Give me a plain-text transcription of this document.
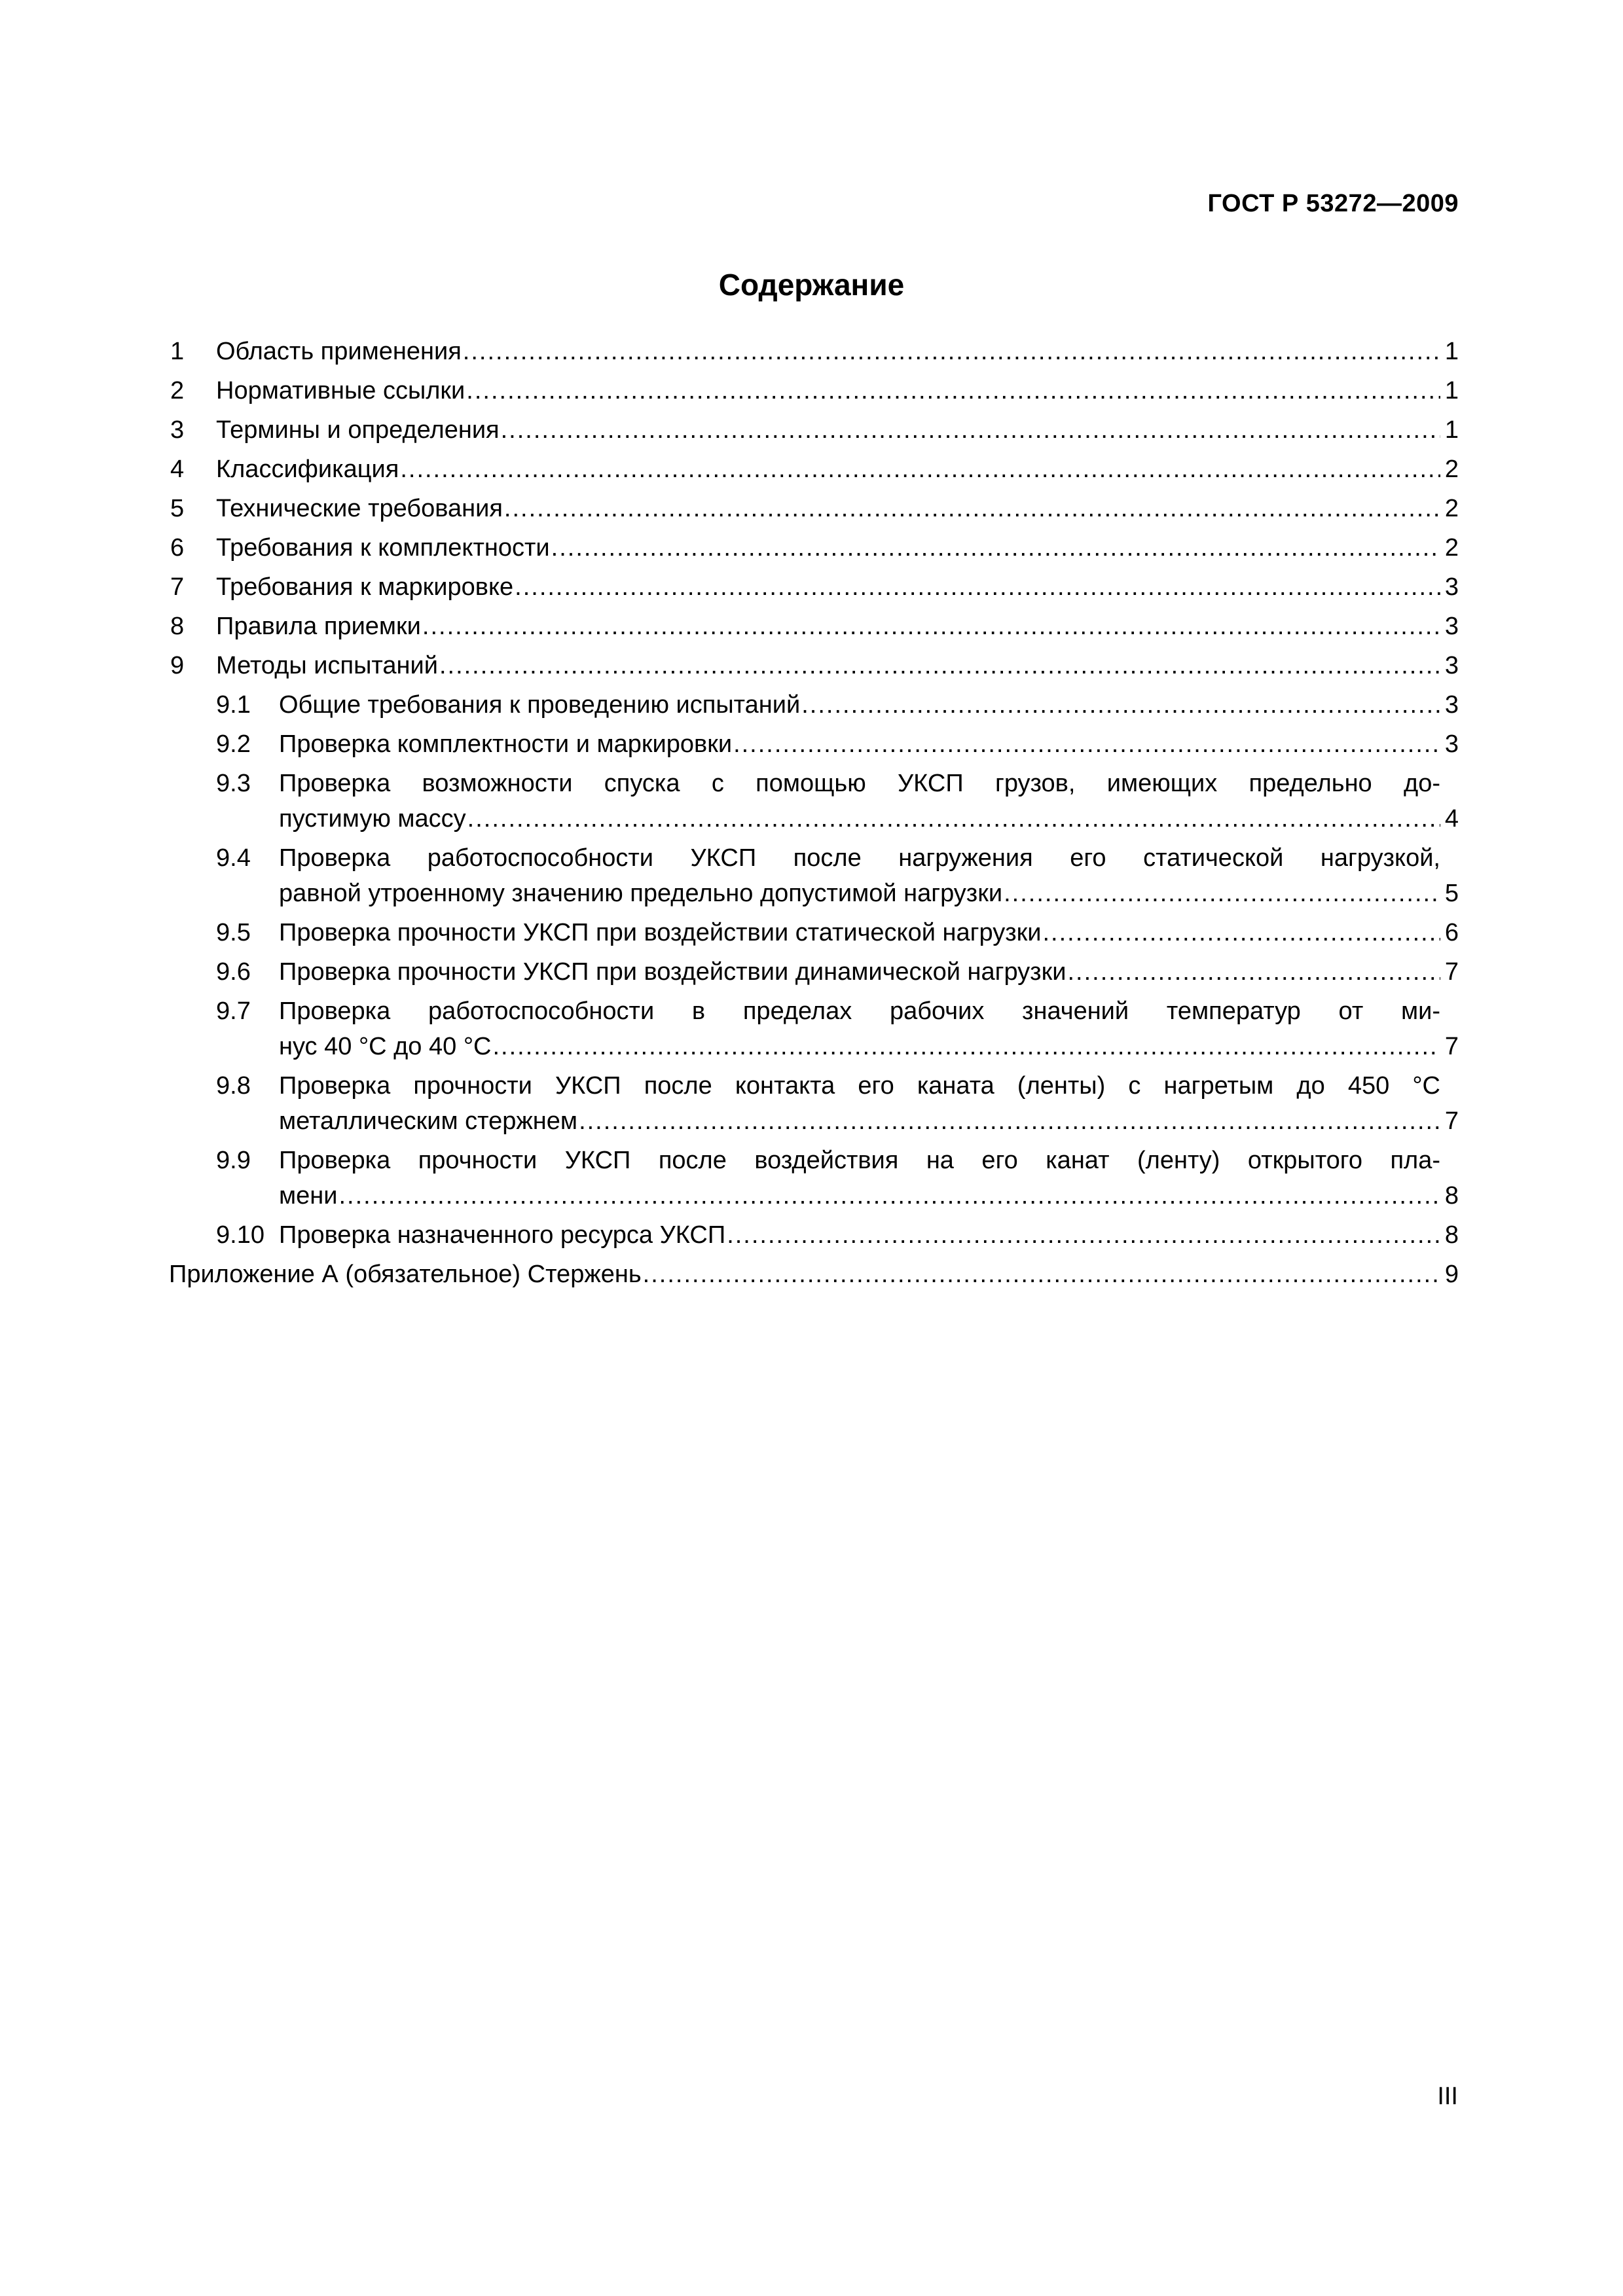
ГОСТ Р 53272—2009
Содержание
1 Область применения .....	1
2 Нормативные ссылки .....	1
3 Термины и определения .....	1
4 Классификация .....	2
5 Технические требования .....	2
6 Требования к комплектности .....	2
7 Требования к маркировке .....	3
8 Правила приемки .....	3
9 Методы испытаний .....	3
9.1 Общие требования к проведению испытаний .....	3
9.2 Проверка комплектности и маркировки .....	3
9.3 Проверка возможности спуска с помощью УКСП грузов, имеющих предельно до-
пустимую массу .....	4
9.4 Проверка работоспособности УКСП после нагружения его статической нагрузкой,
равной утроенному значению предельно допустимой нагрузки .....	5
9.5 Проверка прочности УКСП при воздействии статической нагрузки .....	6
9.6 Проверка прочности УКСП при воздействии динамической нагрузки .....	7
9.7 Проверка работоспособности в пределах рабочих значений температур от ми-
нус 40 °С до 40 °С .....	7
9.8 Проверка прочности УКСП после контакта его каната (ленты) с нагретым до 450 °С
металлическим стержнем .....	7
9.9 Проверка прочности УКСП после воздействия на его канат (ленту) открытого пла-
мени .....	8
9.10 Проверка назначенного ресурса УКСП .....	8
Приложение А (обязательное) Стержень .....	9
III
